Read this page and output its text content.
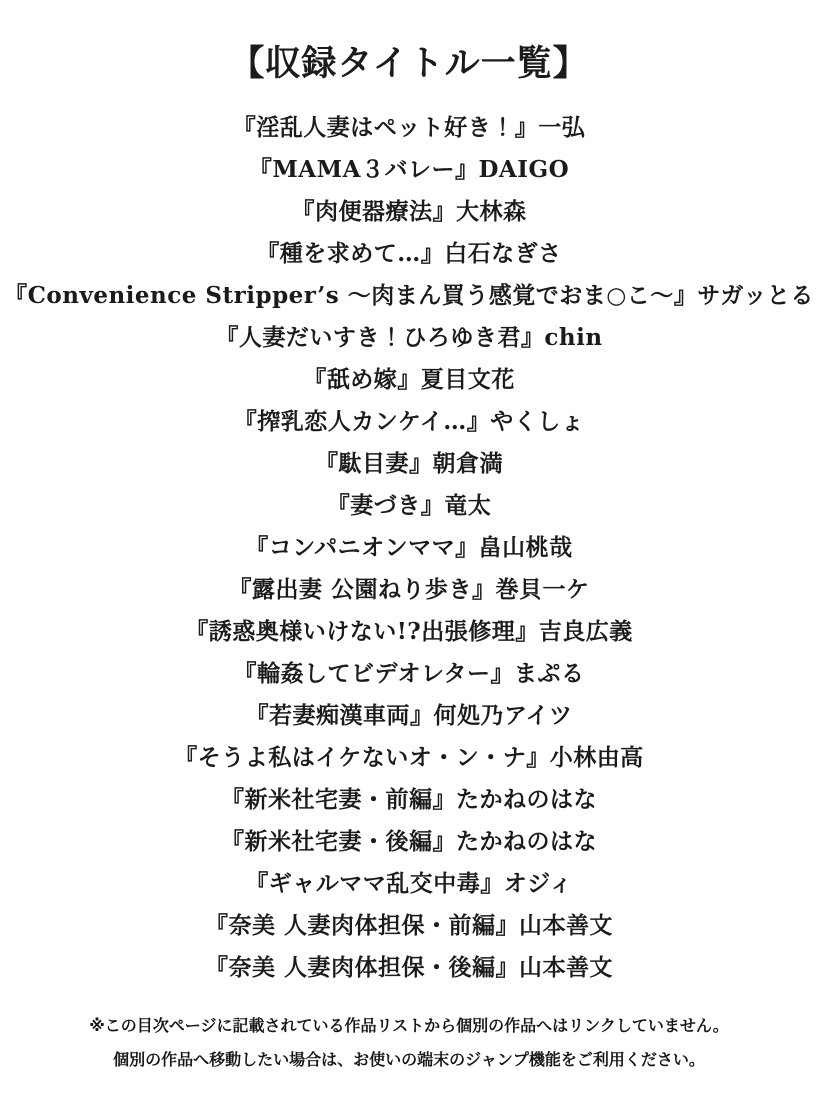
【収録タイトル一覧】
『淫乱人妻はペット好き！』一弘
『MAMA３バレー』DAIGO
『肉便器療法』大林森
『種を求めて…』白石なぎさ
『Convenience Stripper’s 〜肉まん買う感覚でおま○こ〜』サガッとる
『人妻だいすき！ひろゆき君』chin
『舐め嫁』夏目文花
『搾乳恋人カンケイ…』やくしょ
『駄目妻』朝倉満
『妻づき』竜太
『コンパニオンママ』畠山桃哉
『露出妻 公園ねり歩き』巻貝一ケ
『誘惑奥様いけない!?出張修理』吉良広義
『輪姦してビデオレター』まぷる
『若妻痴漢車両』何処乃アイツ
『そうよ私はイケないオ・ン・ナ』小林由高
『新米社宅妻・前編』たかねのはな
『新米社宅妻・後編』たかねのはな
『ギャルママ乱交中毒』オジィ
『奈美 人妻肉体担保・前編』山本善文
『奈美 人妻肉体担保・後編』山本善文

※この目次ページに記載されている作品リストから個別の作品へはリンクしていません。

個別の作品へ移動したい場合は、お使いの端末のジャンプ機能をご利用ください。
